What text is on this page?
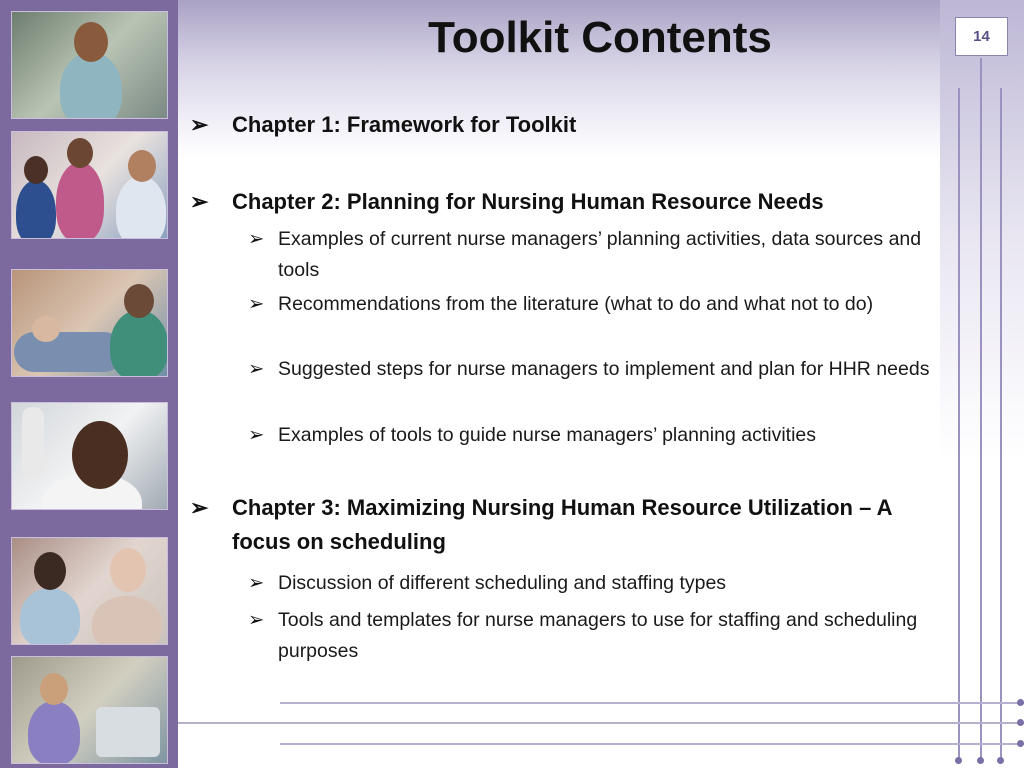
Toolkit Contents	14
➢ Chapter 1: Framework for Toolkit
➢ Chapter 2: Planning for Nursing Human Resource Needs
➢ Examples of current nurse managers’ planning activities, data sources and tools
➢ Recommendations from the literature (what to do and what not to do)
➢ Suggested steps for nurse managers to implement and plan for HHR needs
➢ Examples of tools to guide nurse managers’ planning activities
➢ Chapter 3: Maximizing Nursing Human Resource Utilization – A focus on scheduling
➢ Discussion of different scheduling and staffing types
➢ Tools and templates for nurse managers to use for staffing and scheduling purposes
